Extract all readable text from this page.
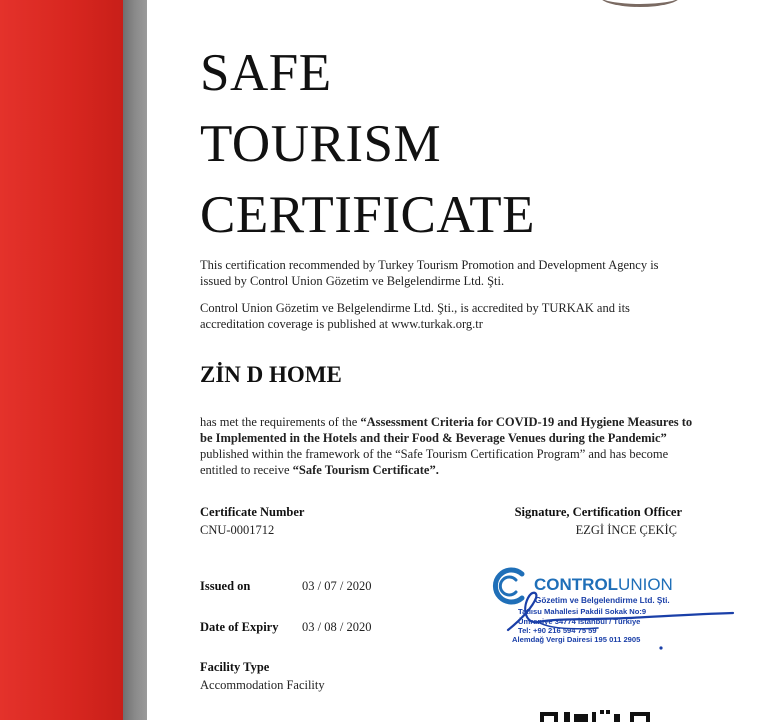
SAFE
TOURISM
CERTIFICATE

This certification recommended by Turkey Tourism Promotion and Development Agency is issued by Control Union Gözetim ve Belgelendirme Ltd. Şti.

Control Union Gözetim ve Belgelendirme Ltd. Şti., is accredited by TURKAK and its accreditation coverage is published at www.turkak.org.tr

ZİN D HOME

has met the requirements of the “Assessment Criteria for COVID-19 and Hygiene Measures to be Implemented in the Hotels and their Food & Beverage Venues during the Pandemic” published within the framework of the “Safe Tourism Certification Program” and has become entitled to receive “Safe Tourism Certificate”.

Certificate Number
CNU-0001712
Signature, Certification Officer
EZGİ İNCE ÇEKİÇ
Issued on	03 / 07 / 2020
Date of Expiry 03 / 08 / 2020
Facility Type
Accommodation Facility
CONTROLUNION
Gözetim ve Belgelendirme Ltd. Şti.
Tatlısu Mahallesi Pakdil Sokak No:9
Ümraniye 34774 İstanbul / Türkiye
Tel: +90 216 594 75 59
Alemdağ Vergi Dairesi 195 011 2905
